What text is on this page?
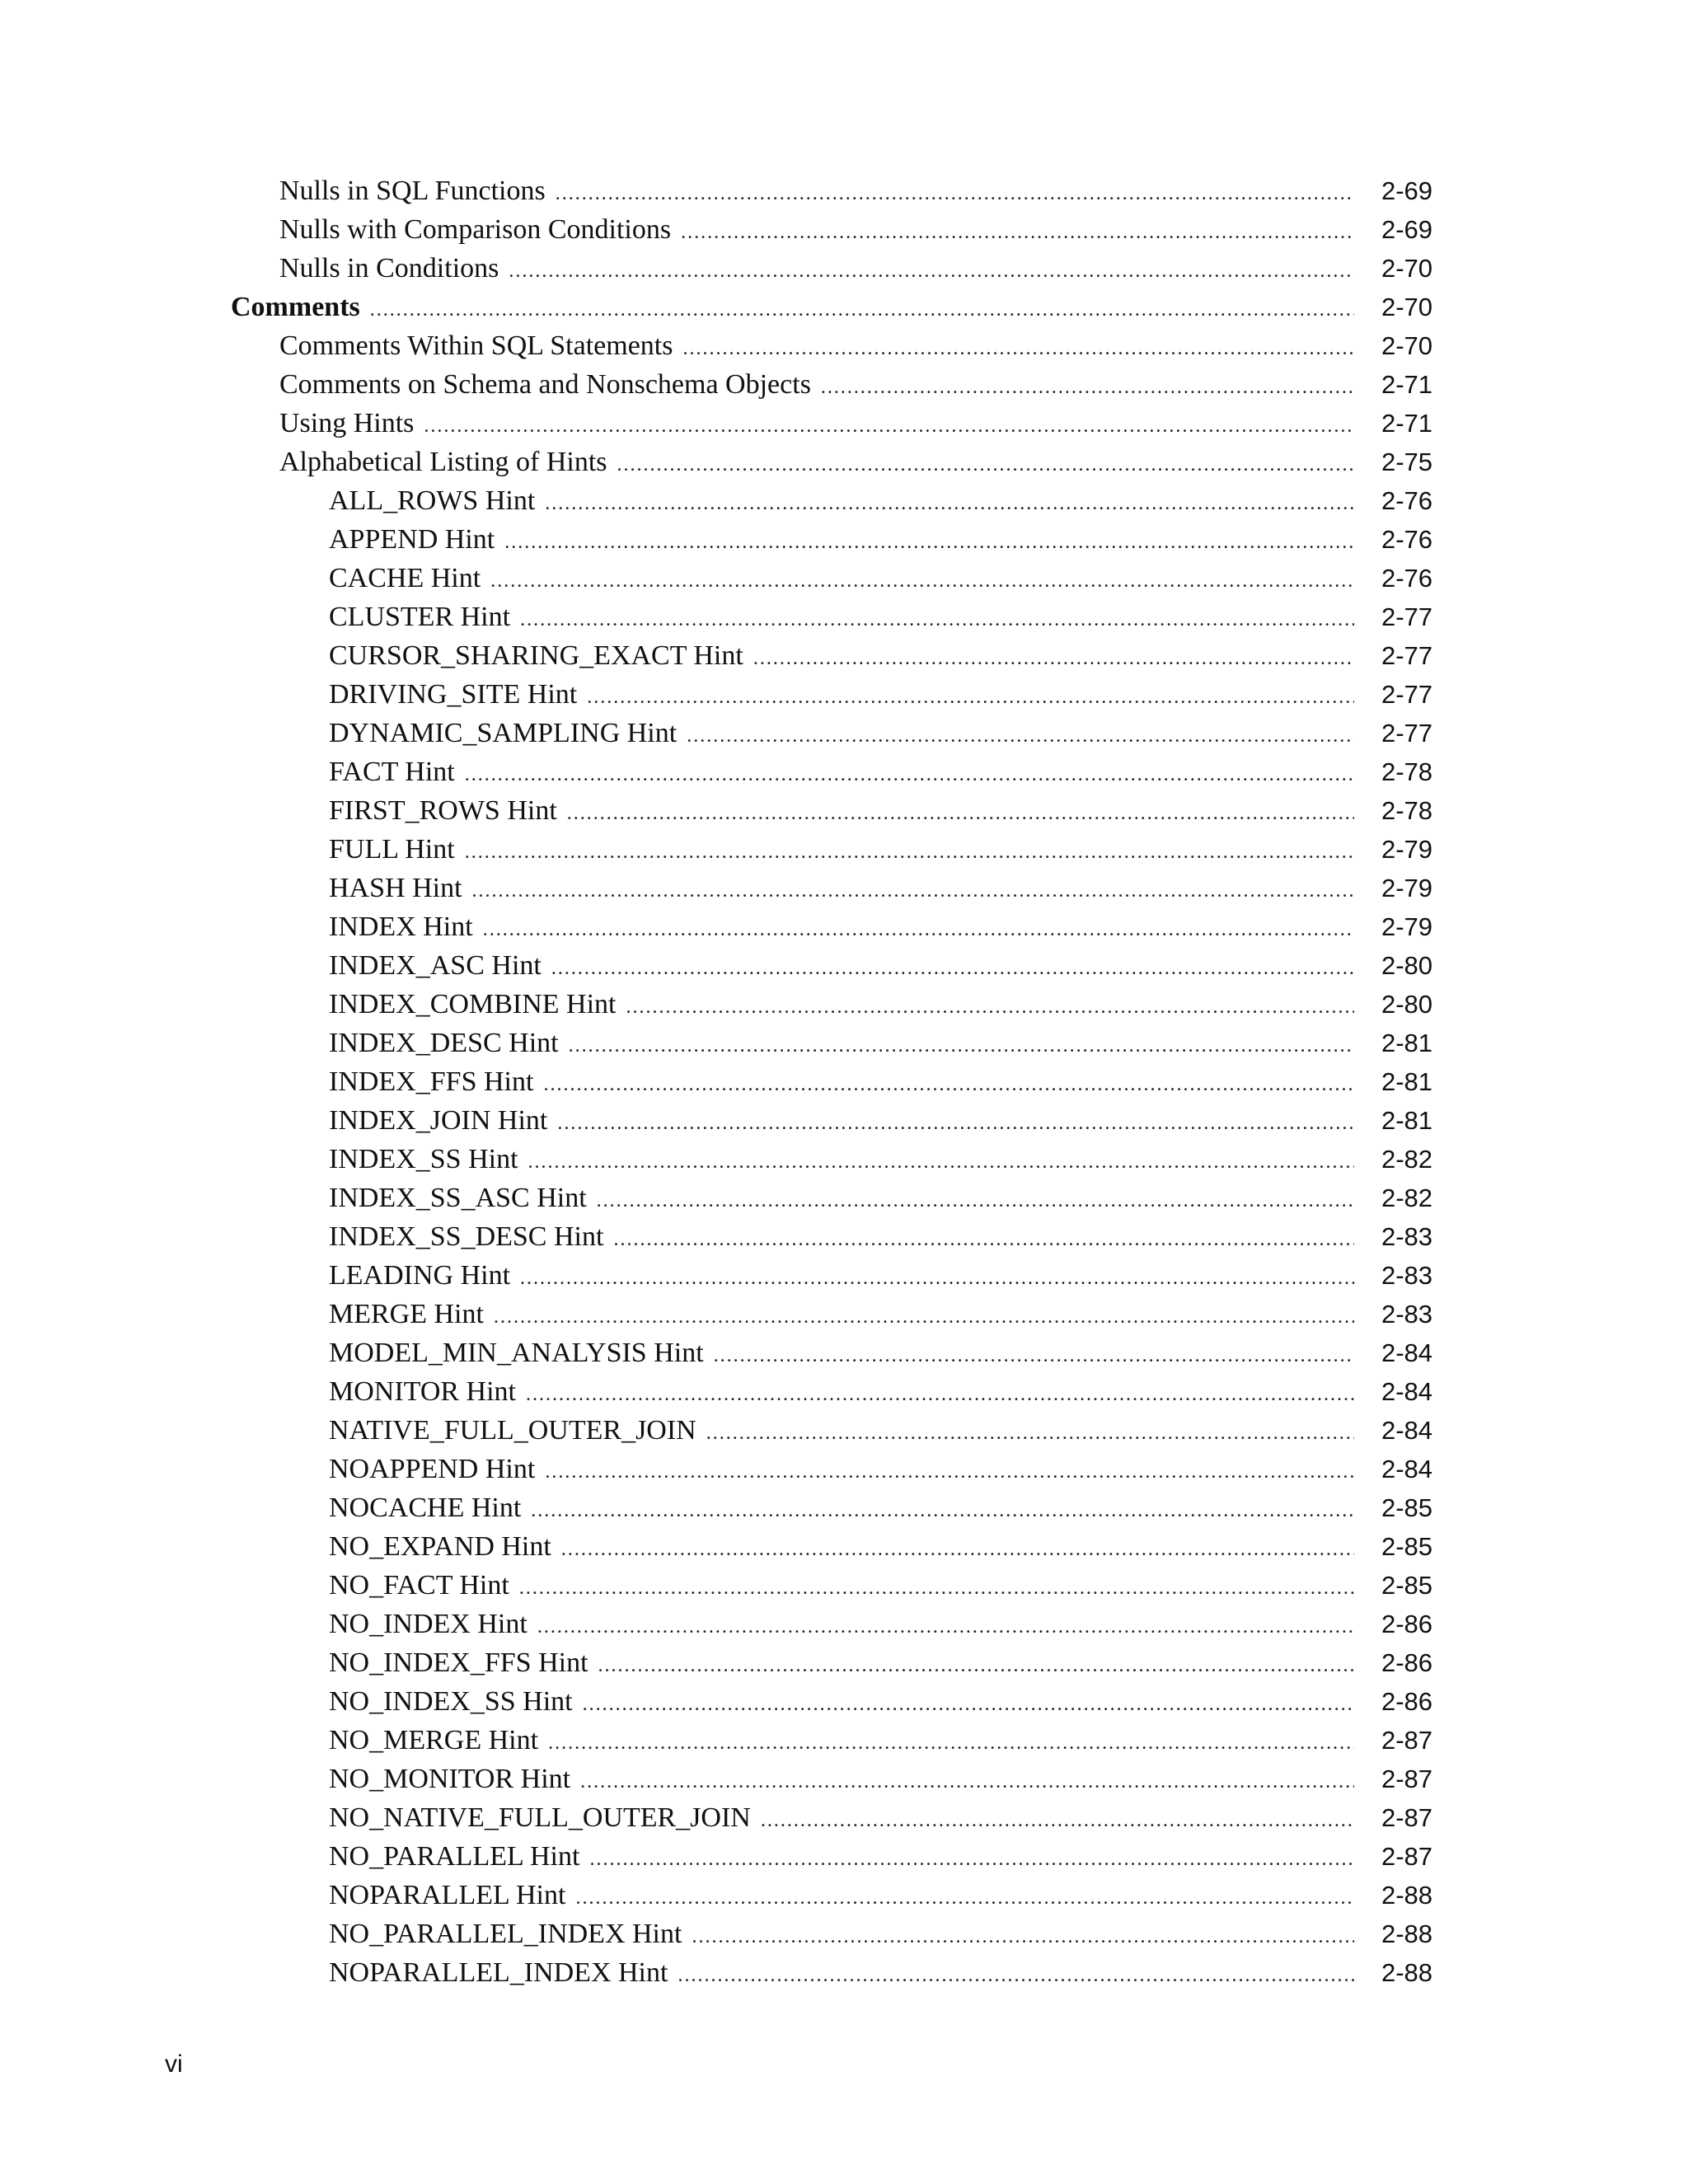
Nulls in SQL Functions .....	2-69
Nulls with Comparison Conditions .....	2-69
Nulls in Conditions .....	2-70
Comments .....	2-70
Comments Within SQL Statements .....	2-70
Comments on Schema and Nonschema Objects .....	2-71
Using Hints .....	2-71
Alphabetical Listing of Hints .....	2-75
ALL_ROWS Hint .....	2-76
APPEND Hint .....	2-76
CACHE Hint .....	2-76
CLUSTER Hint .....	2-77
CURSOR_SHARING_EXACT Hint .....	2-77
DRIVING_SITE Hint .....	2-77
DYNAMIC_SAMPLING Hint .....	2-77
FACT Hint .....	2-78
FIRST_ROWS Hint .....	2-78
FULL Hint .....	2-79
HASH Hint .....	2-79
INDEX Hint .....	2-79
INDEX_ASC Hint .....	2-80
INDEX_COMBINE Hint .....	2-80
INDEX_DESC Hint .....	2-81
INDEX_FFS Hint .....	2-81
INDEX_JOIN Hint .....	2-81
INDEX_SS Hint .....	2-82
INDEX_SS_ASC Hint .....	2-82
INDEX_SS_DESC Hint .....	2-83
LEADING Hint .....	2-83
MERGE Hint .....	2-83
MODEL_MIN_ANALYSIS Hint .....	2-84
MONITOR Hint .....	2-84
NATIVE_FULL_OUTER_JOIN .....	2-84
NOAPPEND Hint .....	2-84
NOCACHE Hint .....	2-85
NO_EXPAND Hint .....	2-85
NO_FACT Hint .....	2-85
NO_INDEX Hint .....	2-86
NO_INDEX_FFS Hint .....	2-86
NO_INDEX_SS Hint .....	2-86
NO_MERGE Hint .....	2-87
NO_MONITOR Hint .....	2-87
NO_NATIVE_FULL_OUTER_JOIN .....	2-87
NO_PARALLEL Hint .....	2-87
NOPARALLEL Hint .....	2-88
NO_PARALLEL_INDEX Hint .....	2-88
NOPARALLEL_INDEX Hint .....	2-88
vi
